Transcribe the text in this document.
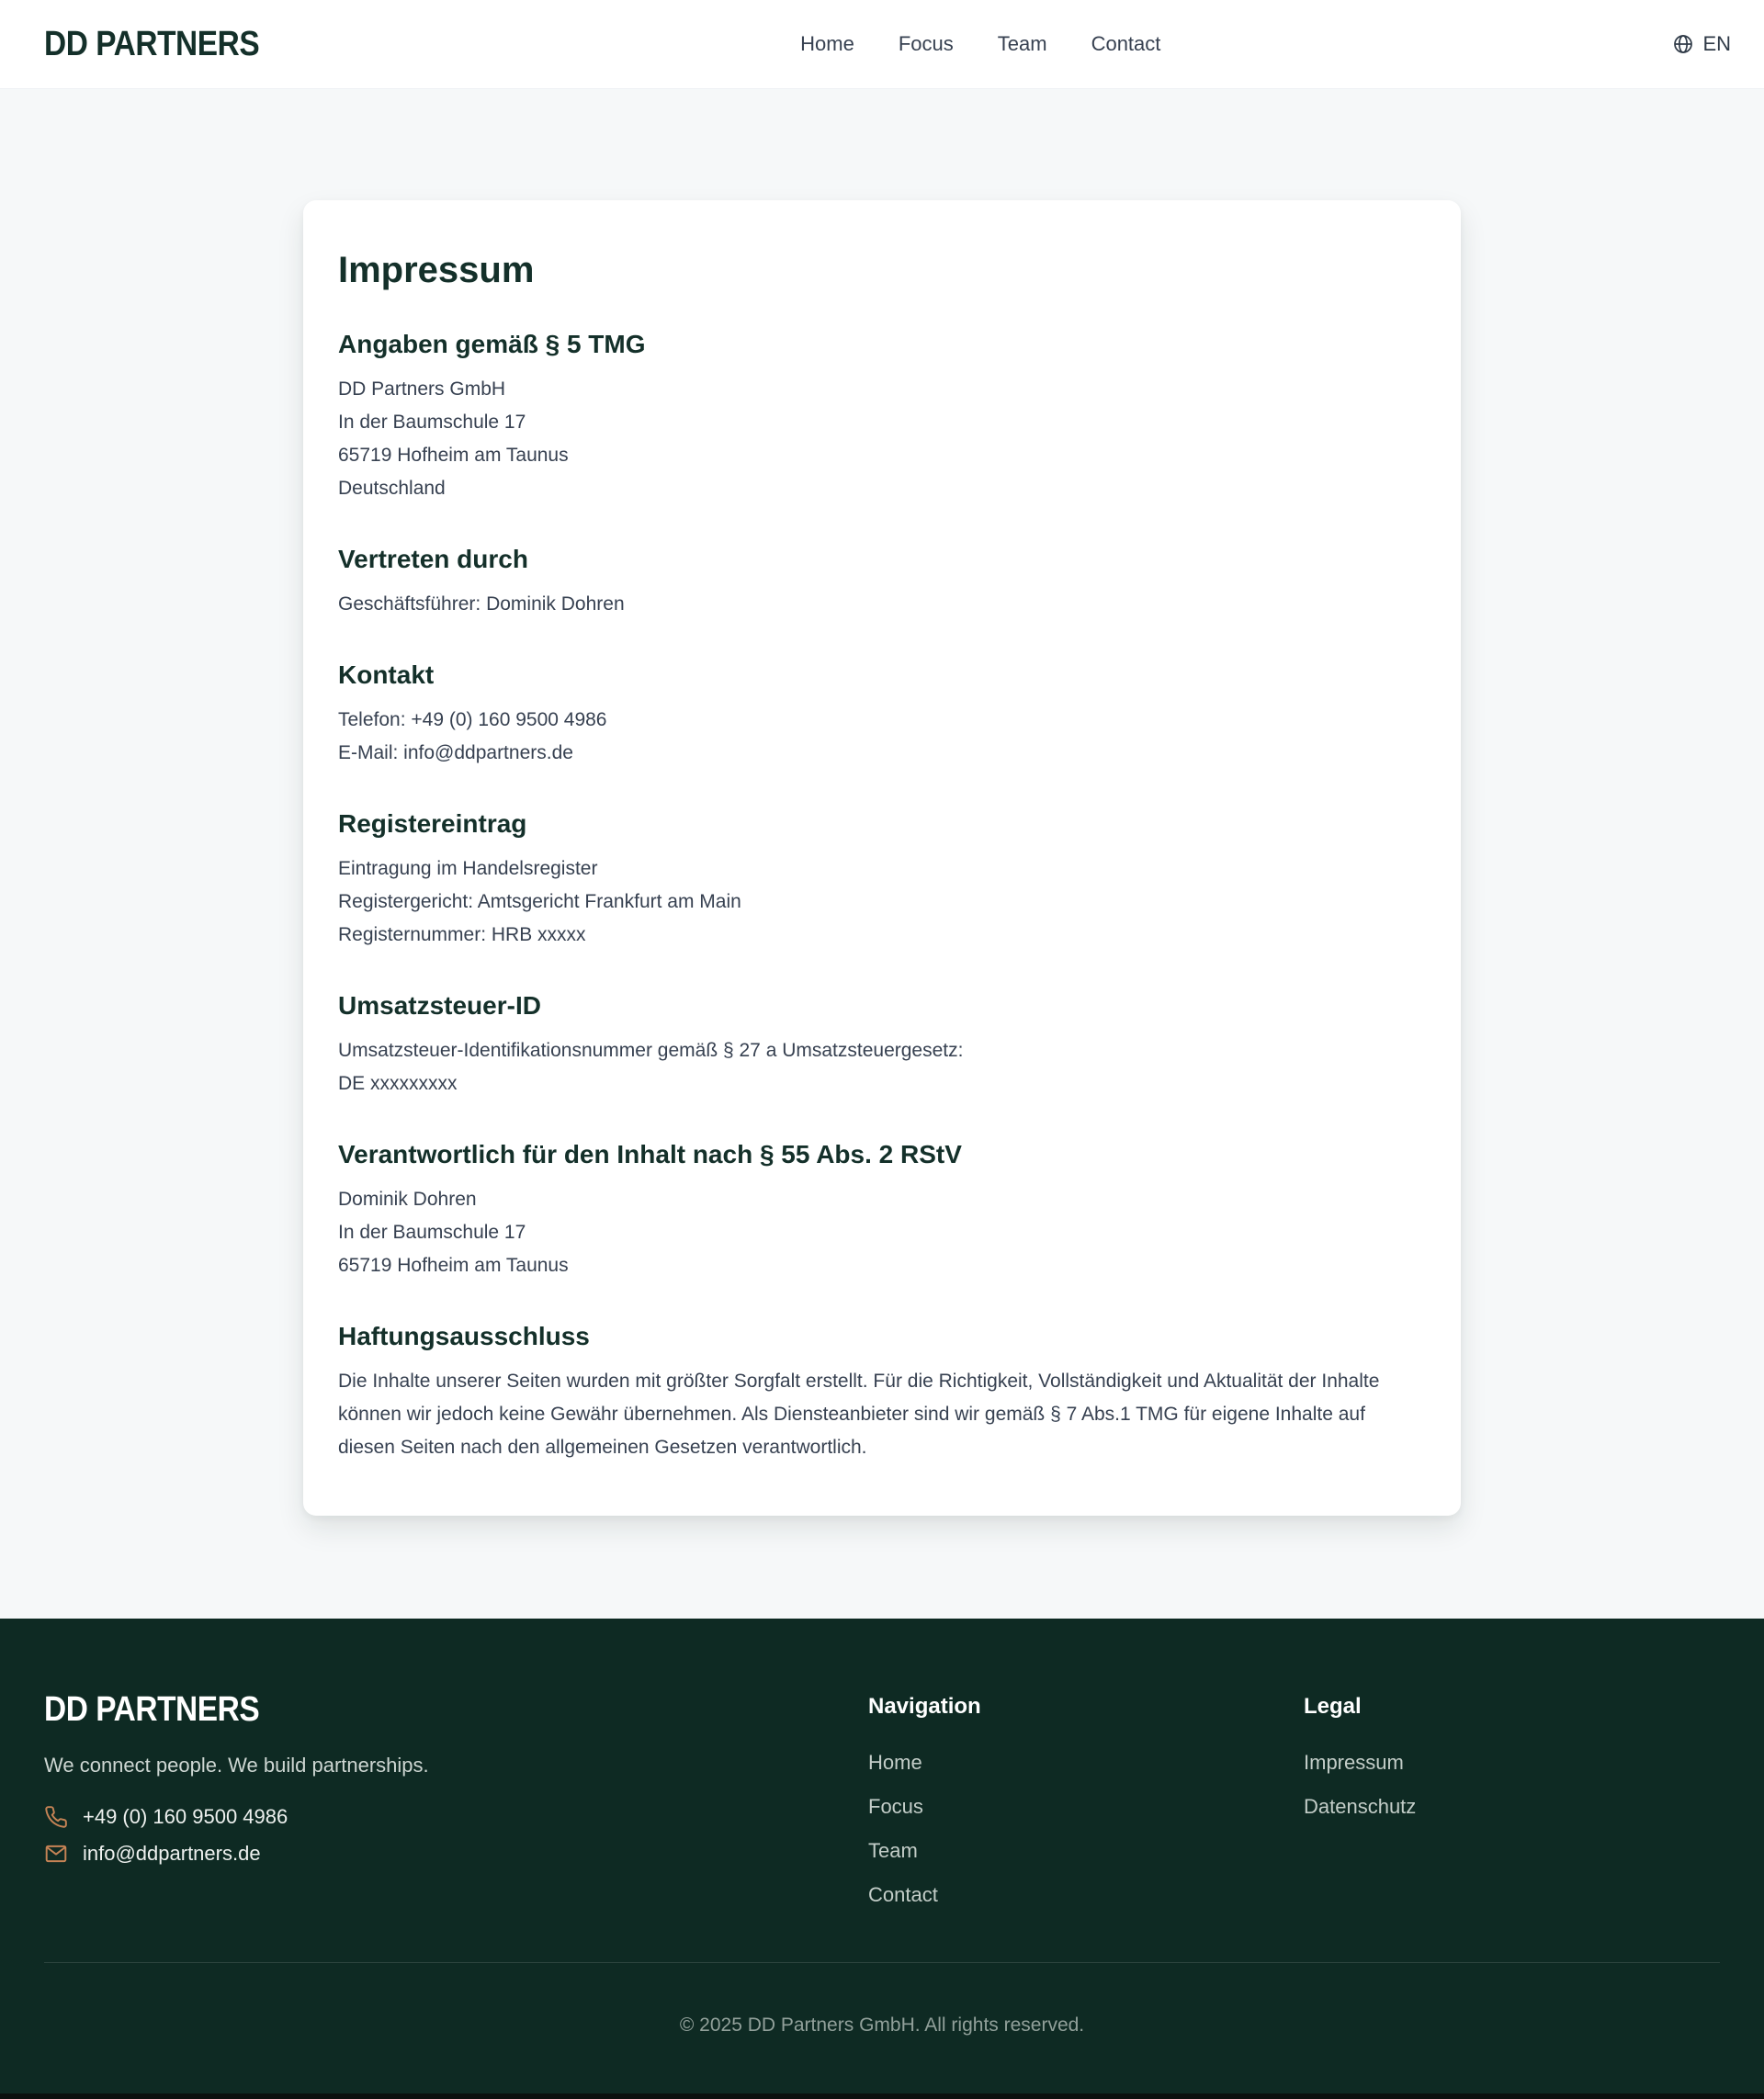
DD PARTNERS	Home Focus Team Contact	EN
Impressum
Angaben gemäß § 5 TMG

DD Partners GmbH

In der Baumschule 17

65719 Hofheim am Taunus

Deutschland

Vertreten durch

Geschäftsführer: Dominik Dohren

Kontakt

Telefon: +49 (0) 160 9500 4986

E-Mail: info@ddpartners.de

Registereintrag

Eintragung im Handelsregister

Registergericht: Amtsgericht Frankfurt am Main

Registernummer: HRB xxxxx

Umsatzsteuer-ID

Umsatzsteuer-Identifikationsnummer gemäß § 27 a Umsatzsteuergesetz:

DE xxxxxxxxx

Verantwortlich für den Inhalt nach § 55 Abs. 2 RStV

Dominik Dohren

In der Baumschule 17

65719 Hofheim am Taunus

Haftungsausschluss

Die Inhalte unserer Seiten wurden mit größter Sorgfalt erstellt. Für die Richtigkeit, Vollständigkeit und Aktualität der Inhalte können wir jedoch keine Gewähr übernehmen. Als Diensteanbieter sind wir gemäß § 7 Abs.1 TMG für eigene Inhalte auf diesen Seiten nach den allgemeinen Gesetzen verantwortlich.

DD PARTNERS

We connect people. We build partnerships.

+49 (0) 160 9500 4986
info@ddpartners.de
Navigation
Home
Focus
Team
Contact
Legal
Impressum
Datenschutz
© 2025 DD Partners GmbH. All rights reserved.
